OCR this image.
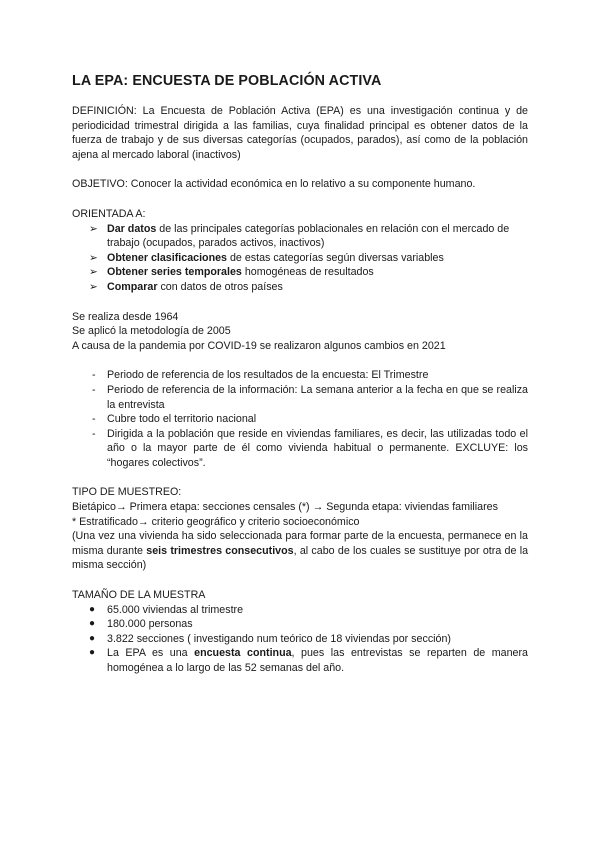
LA EPA: ENCUESTA DE POBLACIÓN ACTIVA

DEFINICIÓN: La Encuesta de Población Activa (EPA) es una investigación continua y de periodicidad trimestral dirigida a las familias, cuya finalidad principal es obtener datos de la fuerza de trabajo y de sus diversas categorías (ocupados, parados), así como de la población ajena al mercado laboral (inactivos)

OBJETIVO: Conocer la actividad económica en lo relativo a su componente humano.

ORIENTADA A:

➢ Dar datos de las principales categorías poblacionales en relación con el mercado de trabajo (ocupados, parados activos, inactivos)
➢ Obtener clasificaciones de estas categorías según diversas variables
➢ Obtener series temporales homogéneas de resultados
➢ Comparar con datos de otros países

Se realiza desde 1964

Se aplicó la metodología de 2005

A causa de la pandemia por COVID-19 se realizaron algunos cambios en 2021

- Periodo de referencia de los resultados de la encuesta: El Trimestre
- Periodo de referencia de la información: La semana anterior a la fecha en que se realiza la entrevista
- Cubre todo el territorio nacional
- Dirigida a la población que reside en viviendas familiares, es decir, las utilizadas todo el año o la mayor parte de él como vivienda habitual o permanente. EXCLUYE: los “hogares colectivos”.

TIPO DE MUESTREO:

Bietápico→ Primera etapa: secciones censales (*) → Segunda etapa: viviendas familiares

* Estratificado→ criterio geográfico y criterio socioeconómico

(Una vez una vivienda ha sido seleccionada para formar parte de la encuesta, permanece en la misma durante seis trimestres consecutivos, al cabo de los cuales se sustituye por otra de la misma sección)

TAMAÑO DE LA MUESTRA

● 65.000 viviendas al trimestre
● 180.000 personas
● 3.822 secciones ( investigando num teórico de 18 viviendas por sección)
● La EPA es una encuesta continua, pues las entrevistas se reparten de manera homogénea a lo largo de las 52 semanas del año.
